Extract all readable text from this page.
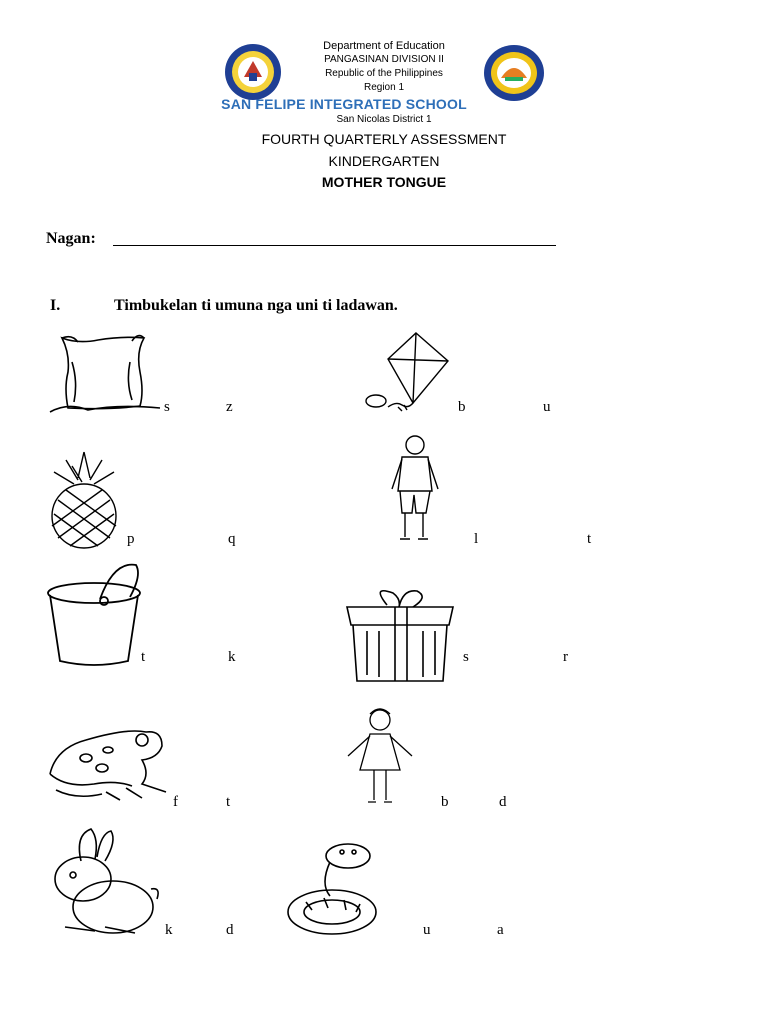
Department of Education
PANGASINAN DIVISION II
Republic of the Philippines
Region 1
SAN FELIPE INTEGRATED SCHOOL
San Nicolas District 1
FOURTH QUARTERLY ASSESSMENT
KINDERGARTEN
MOTHER TONGUE
Nagan:
I.	Timbukelan ti umuna nga uni ti ladawan.
s	z	b	u
p	q	l	t
t	k	s	r
f	t	b	d
k	d	u	a
